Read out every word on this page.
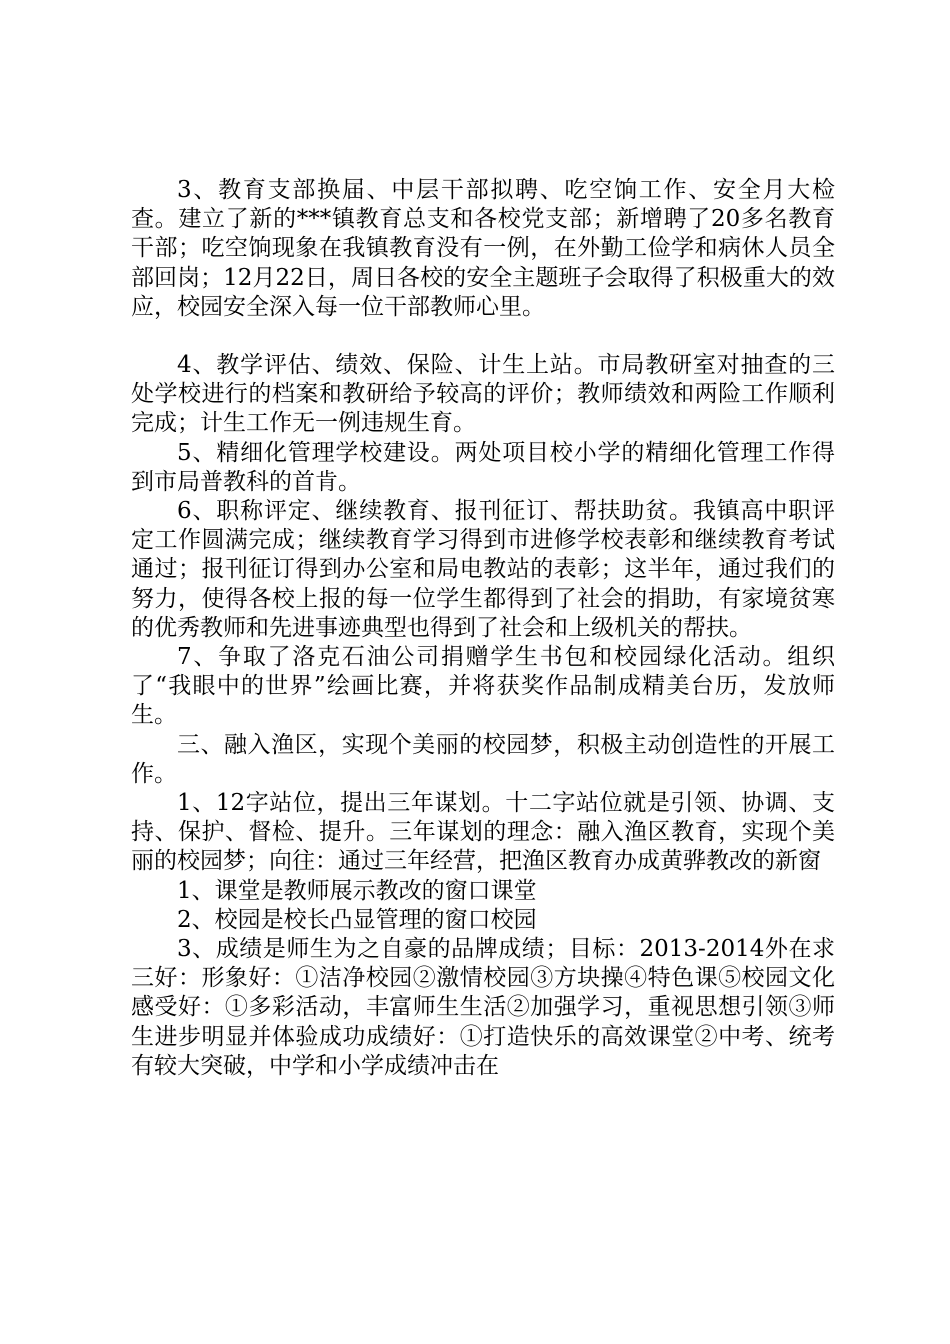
3、教育支部换届、中层干部拟聘、吃空饷工作、安全月大检查。建立了新的***镇教育总支和各校党支部；新增聘了20多名教育干部；吃空饷现象在我镇教育没有一例，在外勤工俭学和病休人员全部回岗；12月22日，周日各校的安全主题班子会取得了积极重大的效应，校园安全深入每一位干部教师心里。

4、教学评估、绩效、保险、计生上站。市局教研室对抽查的三处学校进行的档案和教研给予较高的评价；教师绩效和两险工作顺利完成；计生工作无一例违规生育。

5、精细化管理学校建设。两处项目校小学的精细化管理工作得到市局普教科的首肯。

6、职称评定、继续教育、报刊征订、帮扶助贫。我镇高中职评定工作圆满完成；继续教育学习得到市进修学校表彰和继续教育考试通过；报刊征订得到办公室和局电教站的表彰；这半年，通过我们的努力，使得各校上报的每一位学生都得到了社会的捐助，有家境贫寒的优秀教师和先进事迹典型也得到了社会和上级机关的帮扶。

7、争取了洛克石油公司捐赠学生书包和校园绿化活动。组织了“我眼中的世界”绘画比赛，并将获奖作品制成精美台历，发放师生。

三、融入渔区，实现个美丽的校园梦，积极主动创造性的开展工作。

1、12字站位，提出三年谋划。十二字站位就是引领、协调、支持、保护、督检、提升。三年谋划的理念：融入渔区教育，实现个美丽的校园梦；向往：通过三年经营，把渔区教育办成黄骅教改的新窗

1、课堂是教师展示教改的窗口课堂

2、校园是校长凸显管理的窗口校园

3、成绩是师生为之自豪的品牌成绩；目标：2013-2014外在求三好：形象好：①洁净校园②激情校园③方块操④特色课⑤校园文化感受好：①多彩活动，丰富师生生活②加强学习，重视思想引领③师生进步明显并体验成功成绩好：①打造快乐的高效课堂②中考、统考有较大突破，中学和小学成绩冲击在
